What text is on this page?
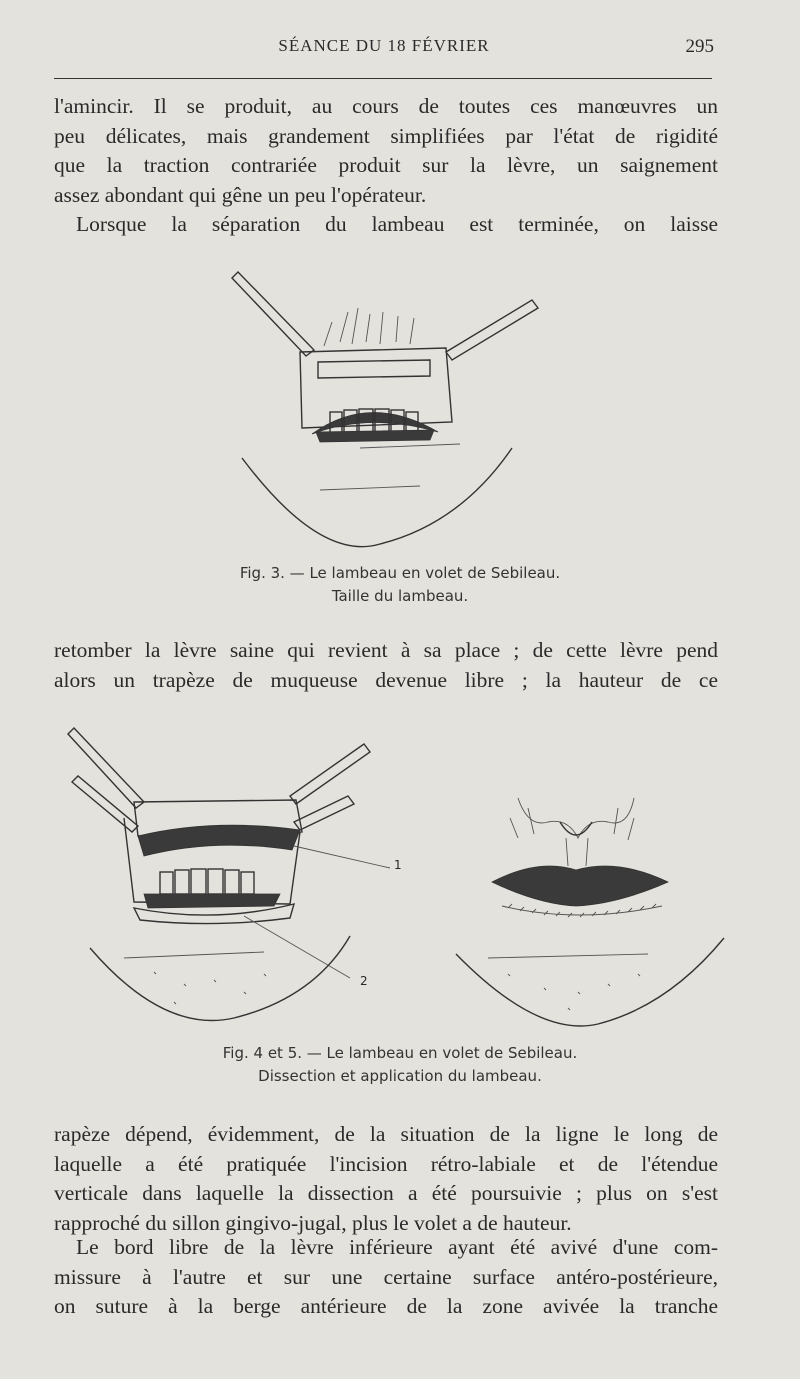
SÉANCE DU 18 FÉVRIER	295

l'amincir. Il se produit, au cours de toutes ces manœuvres un
peu délicates, mais grandement simplifiées par l'état de rigidité
que la traction contrariée produit sur la lèvre, un saignement
assez abondant qui gêne un peu l'opérateur.

Lorsque la séparation du lambeau est terminée, on laisse

Fig. 3. — Le lambeau en volet de Sebileau.
Taille du lambeau.

retomber la lèvre saine qui revient à sa place ; de cette lèvre pend
alors un trapèze de muqueuse devenue libre ; la hauteur de ce

1
2
Fig. 4 et 5. — Le lambeau en volet de Sebileau.
Dissection et application du lambeau.

rapèze dépend, évidemment, de la situation de la ligne le long de
laquelle a été pratiquée l'incision rétro-labiale et de l'étendue
verticale dans laquelle la dissection a été poursuivie ; plus on s'est
rapproché du sillon gingivo-jugal, plus le volet a de hauteur.

Le bord libre de la lèvre inférieure ayant été avivé d'une com-
missure à l'autre et sur une certaine surface antéro-postérieure,
on suture à la berge antérieure de la zone avivée la tranche
